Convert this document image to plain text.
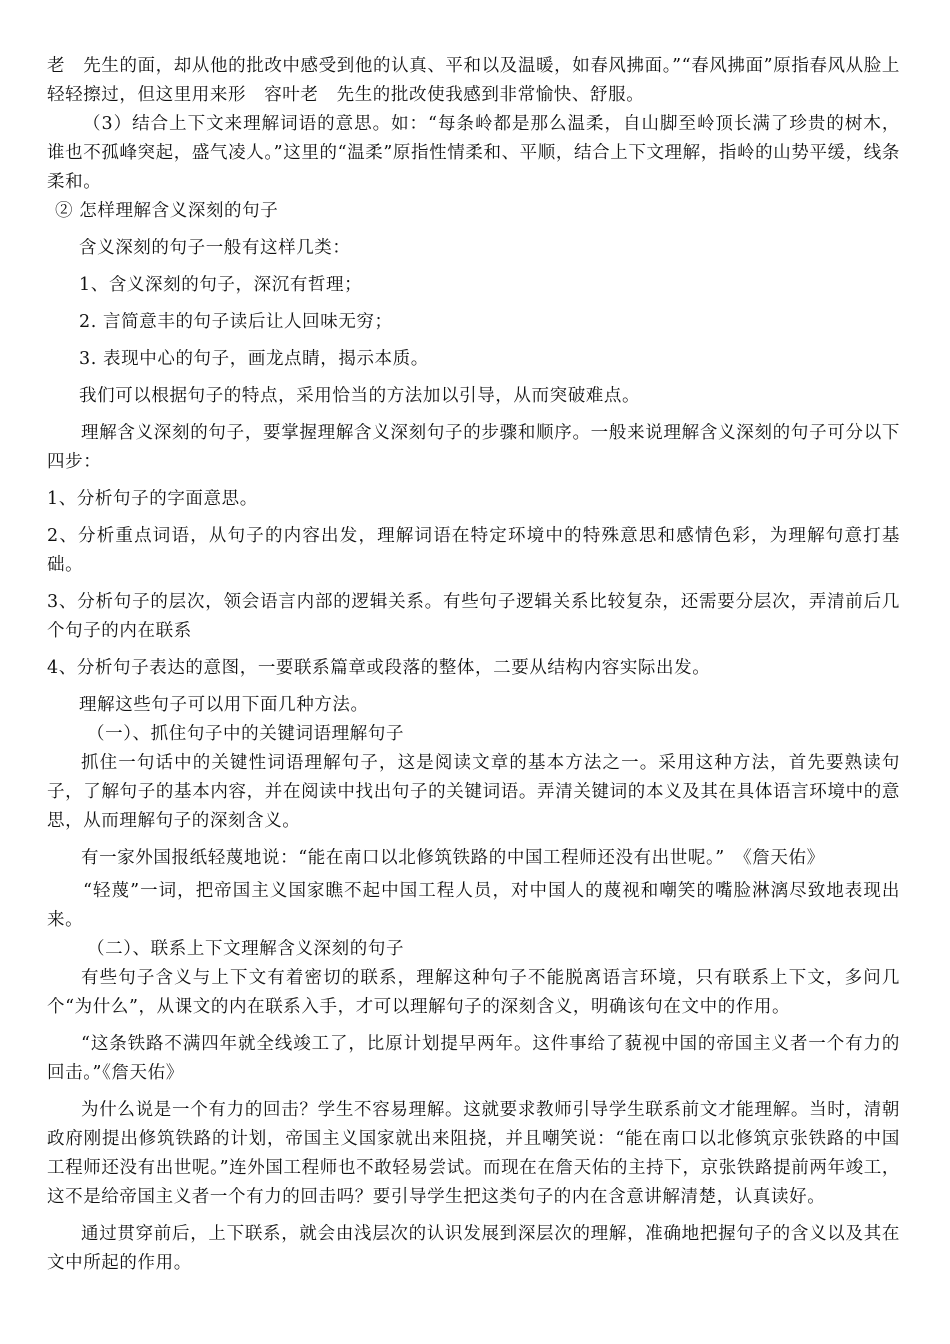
老　先生的面，却从他的批改中感受到他的认真、平和以及温暖，如春风拂面。”“春风拂面”原指春风从脸上轻轻擦过，但这里用来形　容叶老　先生的批改使我感到非常愉快、舒服。

（3）结合上下文来理解词语的意思。如：“每条岭都是那么温柔，自山脚至岭顶长满了珍贵的树木，谁也不孤峰突起，盛气凌人。”这里的“温柔”原指性情柔和、平顺，结合上下文理解，指岭的山势平缓，线条柔和。

② 怎样理解含义深刻的句子

含义深刻的句子一般有这样几类：

1、含义深刻的句子，深沉有哲理；

2. 言简意丰的句子读后让人回味无穷；

3. 表现中心的句子，画龙点睛，揭示本质。

我们可以根据句子的特点，采用恰当的方法加以引导，从而突破难点。

理解含义深刻的句子，要掌握理解含义深刻句子的步骤和顺序。一般来说理解含义深刻的句子可分以下四步：

1、分析句子的字面意思。

2、分析重点词语，从句子的内容出发，理解词语在特定环境中的特殊意思和感情色彩，为理解句意打基础。

3、分析句子的层次，领会语言内部的逻辑关系。有些句子逻辑关系比较复杂，还需要分层次，弄清前后几个句子的内在联系

4、分析句子表达的意图，一要联系篇章或段落的整体，二要从结构内容实际出发。

理解这些句子可以用下面几种方法。

（一）、抓住句子中的关键词语理解句子

抓住一句话中的关键性词语理解句子，这是阅读文章的基本方法之一。采用这种方法，首先要熟读句子，了解句子的基本内容，并在阅读中找出句子的关键词语。弄清关键词的本义及其在具体语言环境中的意思，从而理解句子的深刻含义。

有一家外国报纸轻蔑地说：“能在南口以北修筑铁路的中国工程师还没有出世呢。”　《詹天佑》

“轻蔑”一词，把帝国主义国家瞧不起中国工程人员，对中国人的蔑视和嘲笑的嘴脸淋漓尽致地表现出来。

（二）、联系上下文理解含义深刻的句子

有些句子含义与上下文有着密切的联系，理解这种句子不能脱离语言环境，只有联系上下文，多问几个“为什么”，从课文的内在联系入手，才可以理解句子的深刻含义，明确该句在文中的作用。

“这条铁路不满四年就全线竣工了，比原计划提早两年。这件事给了藐视中国的帝国主义者一个有力的回击。”《詹天佑》

为什么说是一个有力的回击？学生不容易理解。这就要求教师引导学生联系前文才能理解。当时，清朝政府刚提出修筑铁路的计划，帝国主义国家就出来阻挠，并且嘲笑说：“能在南口以北修筑京张铁路的中国工程师还没有出世呢。”连外国工程师也不敢轻易尝试。而现在在詹天佑的主持下，京张铁路提前两年竣工，这不是给帝国主义者一个有力的回击吗？要引导学生把这类句子的内在含意讲解清楚，认真读好。

通过贯穿前后，上下联系，就会由浅层次的认识发展到深层次的理解，准确地把握句子的含义以及其在文中所起的作用。
